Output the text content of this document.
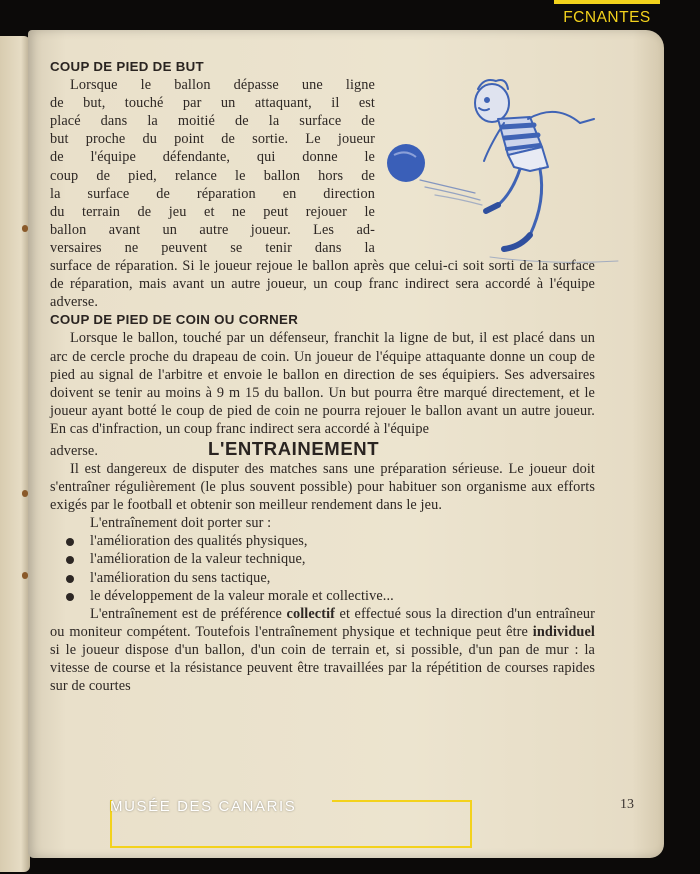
COUP DE PIED DE BUT

Lorsque le ballon dépasse une ligne

de but, touché par un attaquant, il est

placé dans la moitié de la surface de

but proche du point de sortie. Le joueur

de l'équipe défendante, qui donne le

coup de pied, relance le ballon hors de

la surface de réparation en direction

du terrain de jeu et ne peut rejouer le

ballon avant un autre joueur. Les ad-

versaires ne peuvent se tenir dans la

surface de réparation. Si le joueur rejoue le ballon après que celui-ci soit sorti de la surface de réparation, mais avant un autre joueur, un coup franc indirect sera accordé à l'équipe adverse.

COUP DE PIED DE COIN OU CORNER

Lorsque le ballon, touché par un défenseur, franchit la ligne de but, il est placé dans un arc de cercle proche du drapeau de coin. Un joueur de l'équipe attaquante donne un coup de pied au signal de l'arbitre et envoie le ballon en direction de ses équipiers. Ses adversaires doivent se tenir au moins à 9 m 15 du ballon. Un but pourra être marqué directement, et le joueur ayant botté le coup de pied de coin ne pourra rejouer le ballon avant un autre joueur. En cas d'infraction, un coup franc indirect sera accordé à l'équipe

adverse.	L'ENTRAINEMENT

Il est dangereux de disputer des matches sans une préparation sérieuse. Le joueur doit s'entraîner régulièrement (le plus souvent possible) pour habituer son organisme aux efforts exigés par le football et obtenir son meilleur rendement dans le jeu.

L'entraînement doit porter sur :

l'amélioration des qualités physiques,
l'amélioration de la valeur technique,
l'amélioration du sens tactique,
le développement de la valeur morale et collective...

L'entraînement est de préférence collectif et effectué sous la direction d'un entraîneur ou moniteur compétent. Toutefois l'entraînement physique et technique peut être individuel si le joueur dispose d'un ballon, d'un coin de terrain et, si possible, d'un pan de mur : la vitesse de course et la résistance peuvent être travaillées par la répétition de courses rapides sur de courtes

13
FCNANTES
MUSÉE DES CANARIS
